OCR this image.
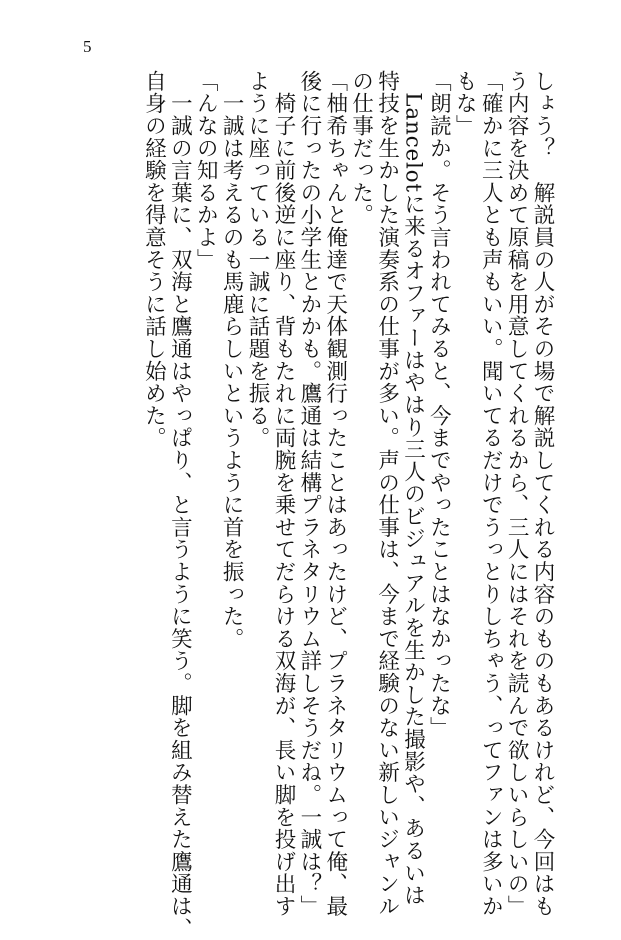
5
しょう？　解説員の人がその場で解説してくれる内容のものもあるけれど、今回はも
う内容を決めて原稿を用意してくれるから、三人にはそれを読んで欲しいらしいの」
「確かに三人とも声もいい。聞いてるだけでうっとりしちゃう、ってファンは多いか
もな」
「朗読か。そう言われてみると、今までやったことはなかったな」
　Lancelotに来るオファーはやはり三人のビジュアルを生かした撮影や、あるいは
特技を生かした演奏系の仕事が多い。声の仕事は、今まで経験のない新しいジャンル
の仕事だった。
「柚希ちゃんと俺達で天体観測行ったことはあったけど、プラネタリウムって俺、最
後に行ったの小学生とかかも。鷹通は結構プラネタリウム詳しそうだね。一誠は？」
　椅子に前後逆に座り、背もたれに両腕を乗せてだらける双海が、長い脚を投げ出す
ように座っている一誠に話題を振る。
　一誠は考えるのも馬鹿らしいというように首を振った。
「んなの知るかよ」
　一誠の言葉に、双海と鷹通はやっぱり、と言うように笑う。脚を組み替えた鷹通は、
自身の経験を得意そうに話し始めた。
